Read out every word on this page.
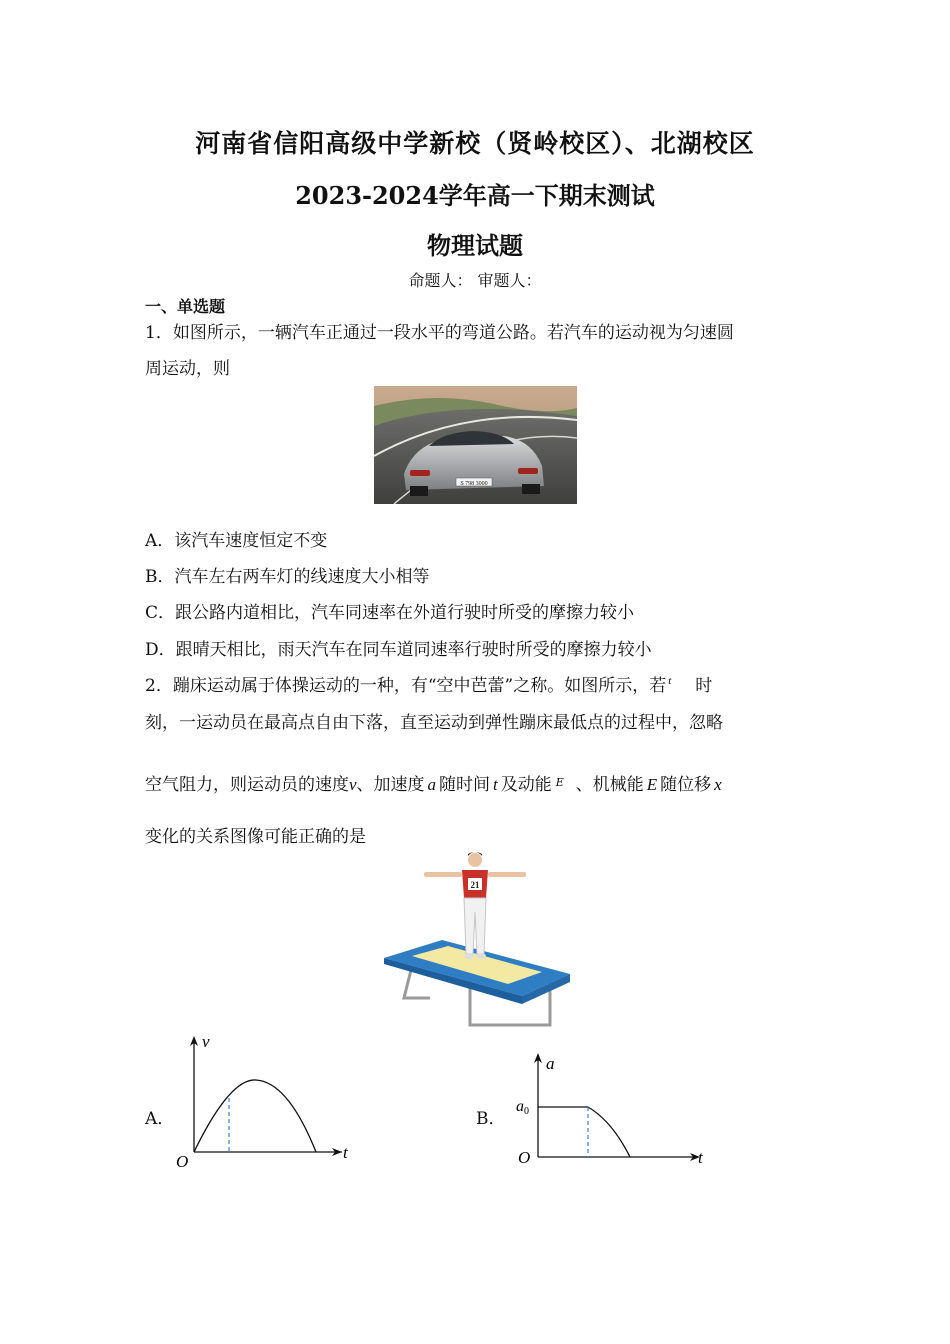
河南省信阳高级中学新校（贤岭校区）、北湖校区
2023-2024学年高一下期末测试
物理试题
命题人： 审题人：
一、单选题
1．如图所示，一辆汽车正通过一段水平的弯道公路。若汽车的运动视为匀速圆
周运动，则
S 798 3000
A．该汽车速度恒定不变
B．汽车左右两车灯的线速度大小相等
C．跟公路内道相比，汽车同速率在外道行驶时所受的摩擦力较小
D．跟晴天相比，雨天汽车在同车道同速率行驶时所受的摩擦力较小
2．蹦床运动属于体操运动的一种，有“空中芭蕾”之称。如图所示，若 $^t$ 时
刻，一运动员在最高点自由下落，直至运动到弹性蹦床最低点的过程中，忽略
空气阻力，则运动员的速度v、加速度 a 随时间 t 及动能 E 、机械能 E 随位移 x
变化的关系图像可能正确的是
21
A．
v
t
O
B．
a
t
O
a0
